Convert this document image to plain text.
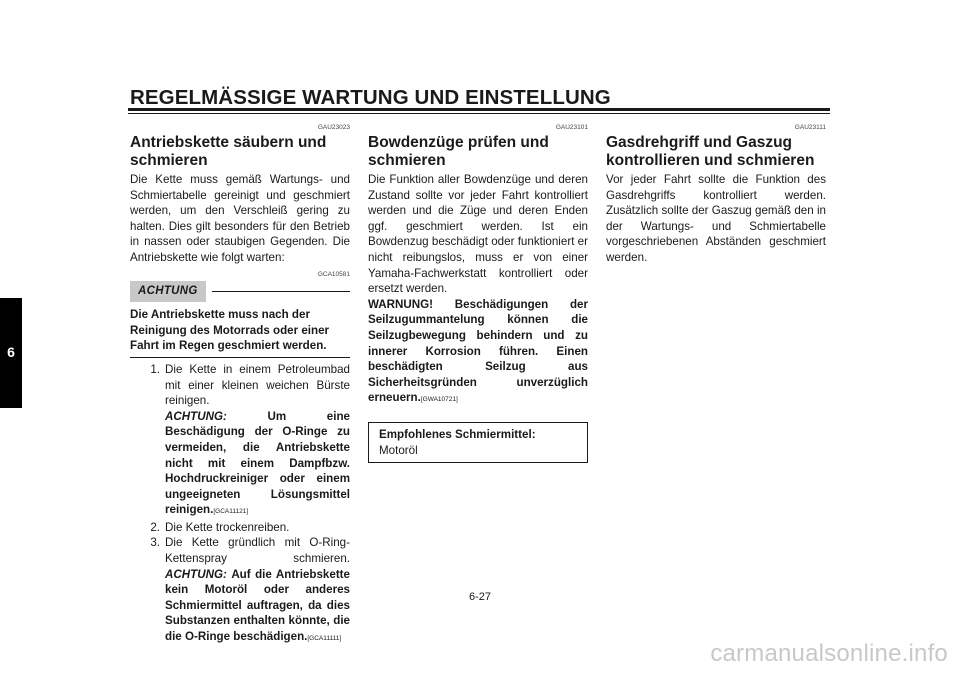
REGELMÄSSIGE WARTUNG UND EINSTELLUNG
6
GAU23023
Antriebskette säubern und schmieren
Die Kette muss gemäß Wartungs- und Schmiertabelle gereinigt und geschmiert werden, um den Verschleiß gering zu halten. Dies gilt besonders für den Betrieb in nassen oder staubigen Gegenden. Die Antriebskette wie folgt warten:
GCA10581
ACHTUNG
Die Antriebskette muss nach der Reinigung des Motorrads oder einer Fahrt im Regen geschmiert werden.
1. Die Kette in einem Petroleumbad mit einer kleinen weichen Bürste reinigen.
ACHTUNG:	Um eine Beschädigung der O-Ringe zu vermeiden, die Antriebskette nicht mit einem Dampfbzw. Hochdruckreiniger oder einem ungeeigneten Lösungsmittel reinigen.[GCA11121]
2. Die Kette trockenreiben.
3. Die Kette gründlich mit O-Ring-Kettenspray schmieren. ACHTUNG: Auf die Antriebskette kein Motoröl oder anderes Schmiermittel auftragen, da dies Substanzen enthalten könnte, die die O-Ringe beschädigen.[GCA11111]
GAU23101
Bowdenzüge prüfen und schmieren
Die Funktion aller Bowdenzüge und deren Zustand sollte vor jeder Fahrt kontrolliert werden und die Züge und deren Enden ggf. geschmiert werden. Ist ein Bowdenzug beschädigt oder funktioniert er nicht reibungslos, muss er von einer Yamaha-Fachwerkstatt kontrolliert oder ersetzt werden.
WARNUNG! Beschädigungen der Seilzugummantelung können die Seilzugbewegung behindern und zu innerer Korrosion führen. Einen beschädigten Seilzug aus Sicherheitsgründen unverzüglich erneuern.[GWA10721]
Empfohlenes Schmiermittel:
Motoröl
GAU23111
Gasdrehgriff und Gaszug kontrollieren und schmieren
Vor jeder Fahrt sollte die Funktion des Gasdrehgriffs kontrolliert werden. Zusätzlich sollte der Gaszug gemäß den in der Wartungs- und Schmiertabelle vorgeschriebenen Abständen geschmiert werden.
6-27
carmanualsonline.info
